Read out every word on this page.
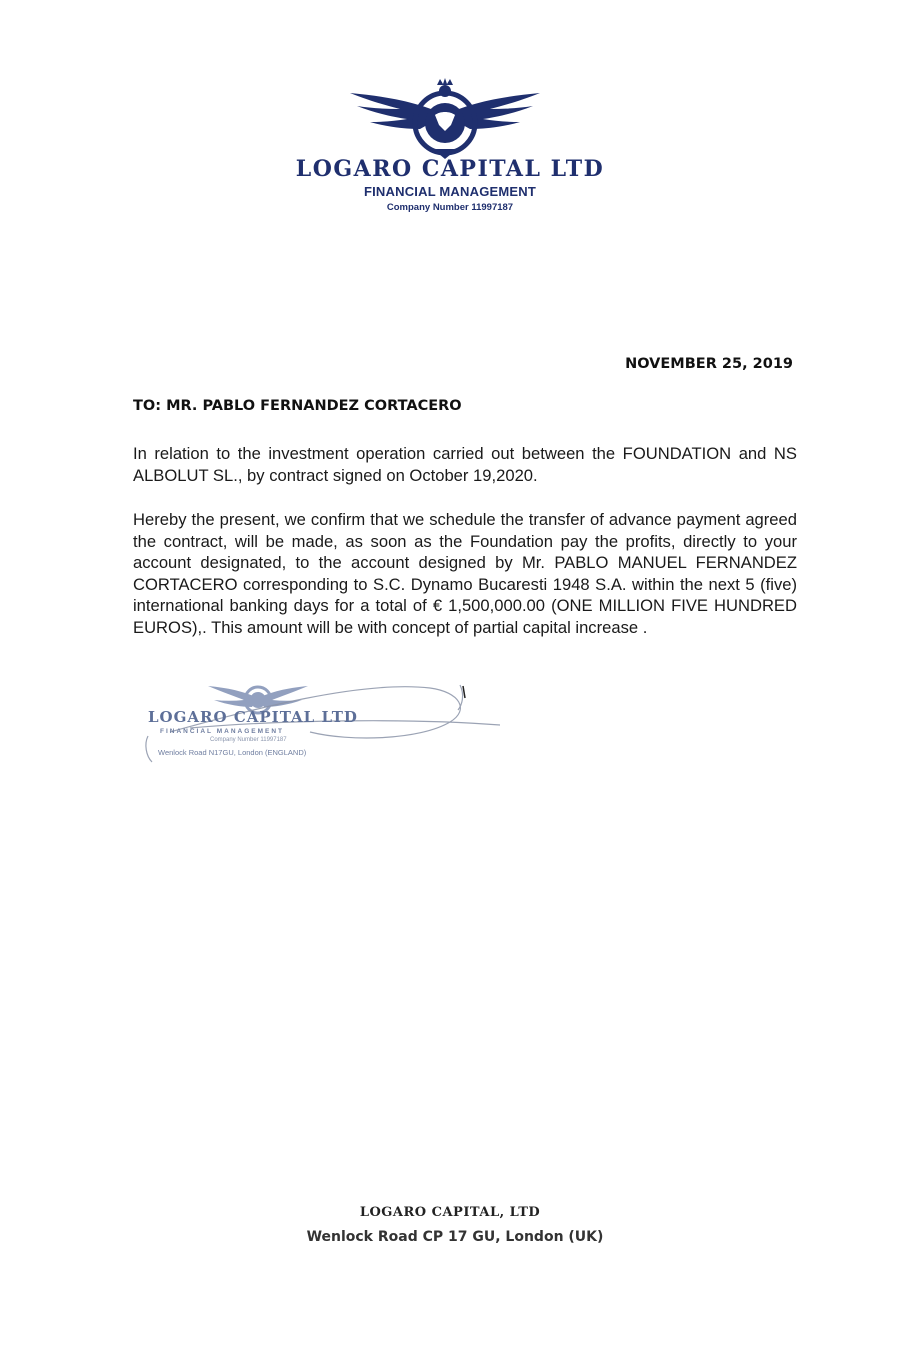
LOGARO CAPITAL LTD
FINANCIAL MANAGEMENT
Company Number 11997187
NOVEMBER 25, 2019
TO: MR. PABLO FERNANDEZ CORTACERO
In relation to the investment operation carried out between the FOUNDATION and NS ALBOLUT SL., by contract signed on October 19,2020.
Hereby the present, we confirm that we schedule the transfer of advance payment agreed the contract, will be made, as soon as the Foundation pay the profits, directly to your account designated, to the account designed by Mr. PABLO MANUEL FERNANDEZ CORTACERO corresponding to S.C. Dynamo Bucaresti 1948 S.A. within the next 5 (five) international banking days for a total of € 1,500,000.00 (ONE MILLION FIVE HUNDRED EUROS),. This amount will be with concept of partial capital increase .
LOGARO CAPITAL LTD
FINANCIAL MANAGEMENT
Company Number 11997187
Wenlock Road N17GU, London (ENGLAND)
LOGARO CAPITAL, LTD
Wenlock Road CP 17 GU, London (UK)
